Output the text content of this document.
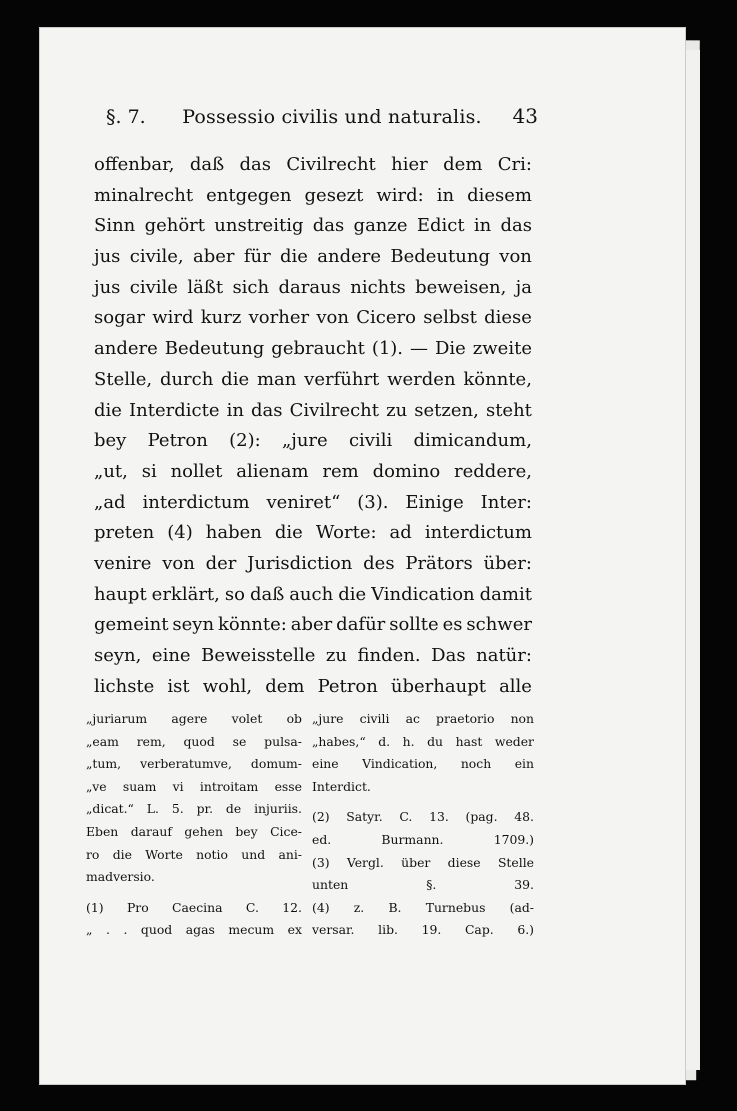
§. 7.	Possessio civilis und naturalis.	43
offenbar, daß das Civilrecht hier dem Cri:
minalrecht entgegen gesezt wird: in diesem
Sinn gehört unstreitig das ganze Edict in das
jus civile, aber für die andere Bedeutung von
jus civile läßt sich daraus nichts beweisen, ja
sogar wird kurz vorher von Cicero selbst diese
andere Bedeutung gebraucht (1). — Die zweite
Stelle, durch die man verführt werden könnte,
die Interdicte in das Civilrecht zu setzen, steht
bey Petron (2): „jure civili dimicandum,
„ut, si nollet alienam rem domino reddere,
„ad interdictum veniret“ (3). Einige Inter:
preten (4) haben die Worte: ad interdictum
venire von der Jurisdiction des Prätors über:
haupt erklärt, so daß auch die Vindication damit
gemeint seyn könnte: aber dafür sollte es schwer
seyn, eine Beweisstelle zu finden. Das natür:
lichste ist wohl, dem Petron überhaupt alle
„juriarum agere volet ob
„eam rem, quod se pulsa-
„tum, verberatumve, domum-
„ve suam vi introitam esse
„dicat.“ L. 5. pr. de injuriis.
Eben darauf gehen bey Cice-
ro die Worte notio und ani-
madversio.
(1) Pro Caecina C. 12.
„ . . quod agas mecum ex
„jure civili ac praetorio non
„habes,“ d. h. du hast weder
eine Vindication, noch ein
Interdict.
(2) Satyr. C. 13. (pag. 48.
ed.	Burmann.	1709.)
(3) Vergl. über diese Stelle
unten	§.	39.
(4) z. B. Turnebus (ad-
versar. lib. 19. Cap. 6.)
